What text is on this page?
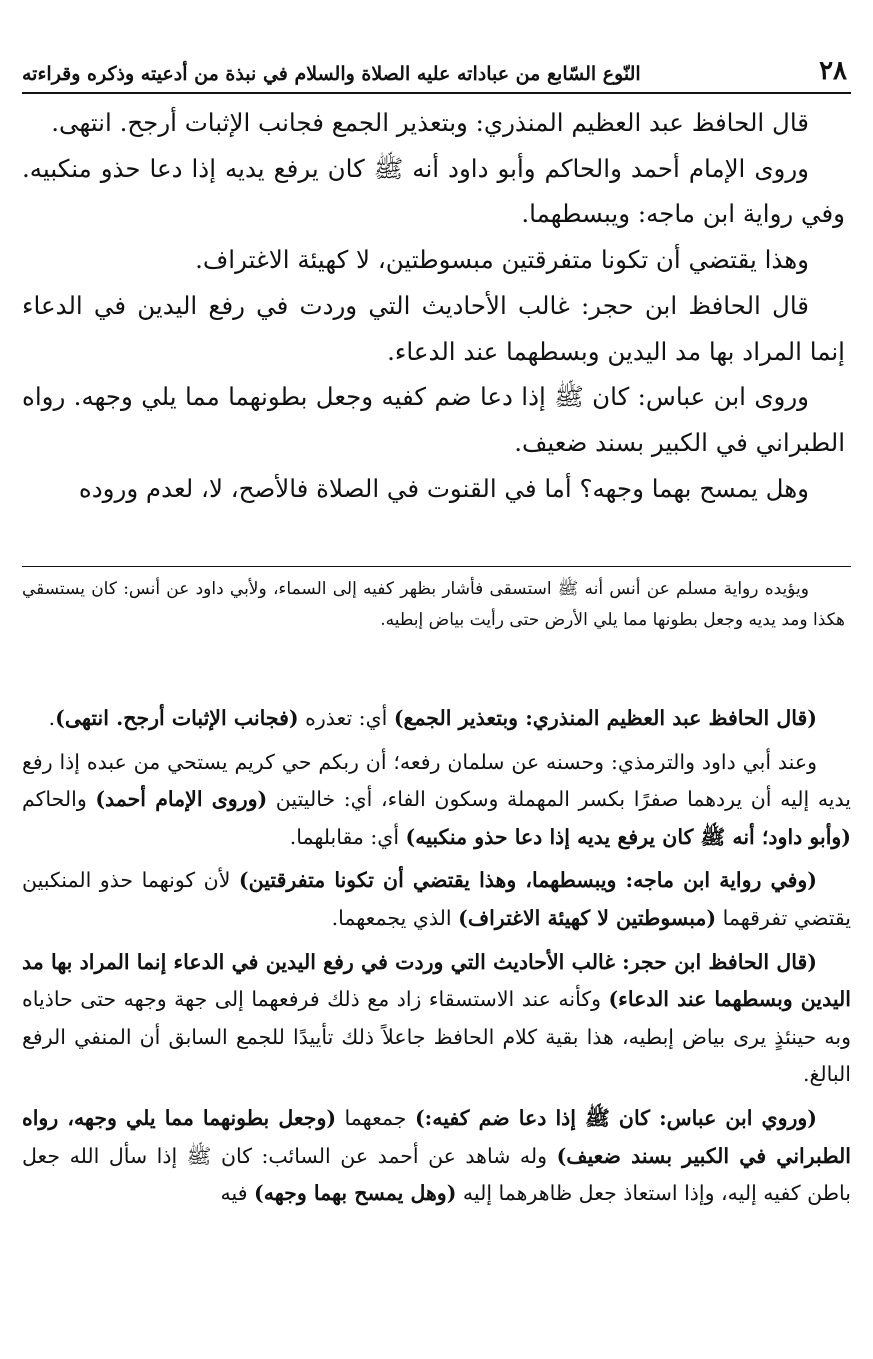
٢٨
النّوع السّابع من عباداته عليه الصلاة والسلام في نبذة من أدعيته وذكره وقراءته

قال الحافظ عبد العظيم المنذري: وبتعذير الجمع فجانب الإثبات أرجح. انتهى.

وروى الإمام أحمد والحاكم وأبو داود أنه ﷺ كان يرفع يديه إذا دعا حذو منكبيه. وفي رواية ابن ماجه: ويبسطهما.

وهذا يقتضي أن تكونا متفرقتين مبسوطتين، لا كهيئة الاغتراف.

قال الحافظ ابن حجر: غالب الأحاديث التي وردت في رفع اليدين في الدعاء إنما المراد بها مد اليدين وبسطهما عند الدعاء.

وروى ابن عباس: كان ﷺ إذا دعا ضم كفيه وجعل بطونهما مما يلي وجهه. رواه الطبراني في الكبير بسند ضعيف.

وهل يمسح بهما وجهه؟ أما في القنوت في الصلاة فالأصح، لا، لعدم وروده

ويؤيده رواية مسلم عن أنس أنه ﷺ استسقى فأشار بظهر كفيه إلى السماء، ولأبي داود عن أنس: كان يستسقي هكذا ومد يديه وجعل بطونها مما يلي الأرض حتى رأيت بياض إبطيه.

(قال الحافظ عبد العظيم المنذري: وبتعذير الجمع) أي: تعذره (فجانب الإثبات أرجح. انتهى).

وعند أبي داود والترمذي: وحسنه عن سلمان رفعه؛ أن ربكم حي كريم يستحي من عبده إذا رفع يديه إليه أن يردهما صفرًا بكسر المهملة وسكون الفاء، أي: خاليتين (وروى الإمام أحمد) والحاكم (وأبو داود؛ أنه ﷺ كان يرفع يديه إذا دعا حذو منكبيه) أي: مقابلهما.

(وفي رواية ابن ماجه: ويبسطهما، وهذا يقتضي أن تكونا متفرقتين) لأن كونهما حذو المنكبين يقتضي تفرقهما (مبسوطتين لا كهيئة الاغتراف) الذي يجمعهما.

(قال الحافظ ابن حجر: غالب الأحاديث التي وردت في رفع اليدين في الدعاء إنما المراد بها مد اليدين وبسطهما عند الدعاء) وكأنه عند الاستسقاء زاد مع ذلك فرفعهما إلى جهة وجهه حتى حاذياه وبه حينئذٍ يرى بياض إبطيه، هذا بقية كلام الحافظ جاعلاً ذلك تأييدًا للجمع السابق أن المنفي الرفع البالغ.

(وروي ابن عباس: كان ﷺ إذا دعا ضم كفيه:) جمعهما (وجعل بطونهما مما يلي وجهه، رواه الطبراني في الكبير بسند ضعيف) وله شاهد عن أحمد عن السائب: كان ﷺ إذا سأل الله جعل باطن كفيه إليه، وإذا استعاذ جعل ظاهرهما إليه (وهل يمسح بهما وجهه) فيه
